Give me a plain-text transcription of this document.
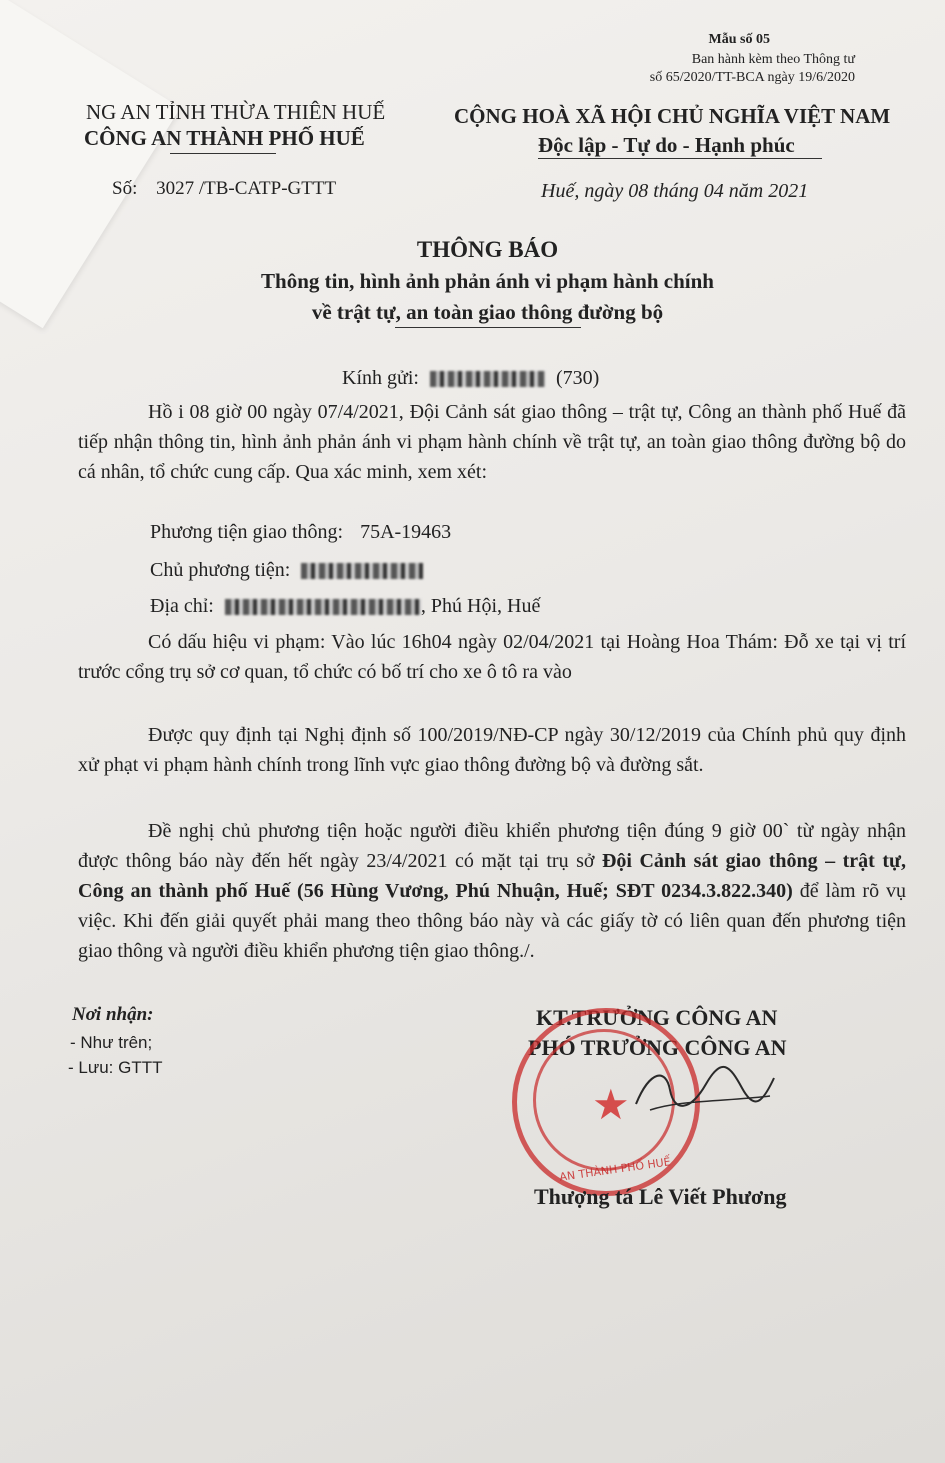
Mẫu số 05
Ban hành kèm theo Thông tư
số 65/2020/TT-BCA ngày 19/6/2020
NG AN TỈNH THỪA THIÊN HUẾ
CÔNG AN THÀNH PHỐ HUẾ
Số: 3027 /TB-CATP-GTTT
CỘNG HOÀ XÃ HỘI CHỦ NGHĨA VIỆT NAM
Độc lập - Tự do - Hạnh phúc
Huế, ngày 08 tháng 04 năm 2021
THÔNG BÁO
Thông tin, hình ảnh phản ánh vi phạm hành chính
về trật tự, an toàn giao thông đường bộ
Kính gửi:	(730)

Hồ i 08 giờ 00 ngày 07/4/2021, Đội Cảnh sát giao thông – trật tự, Công an thành phố Huế đã tiếp nhận thông tin, hình ảnh phản ánh vi phạm hành chính về trật tự, an toàn giao thông đường bộ do cá nhân, tổ chức cung cấp. Qua xác minh, xem xét:

Phương tiện giao thông: 75A-19463
Chủ phương tiện:
Địa chỉ:	, Phú Hội, Huế

Có dấu hiệu vi phạm: Vào lúc 16h04 ngày 02/04/2021 tại Hoàng Hoa Thám: Đỗ xe tại vị trí trước cổng trụ sở cơ quan, tổ chức có bố trí cho xe ô tô ra vào

Được quy định tại Nghị định số 100/2019/NĐ-CP ngày 30/12/2019 của Chính phủ quy định xử phạt vi phạm hành chính trong lĩnh vực giao thông đường bộ và đường sắt.

Đề nghị chủ phương tiện hoặc người điều khiển phương tiện đúng 9 giờ 00` từ ngày nhận được thông báo này đến hết ngày 23/4/2021 có mặt tại trụ sở Đội Cảnh sát giao thông – trật tự, Công an thành phố Huế (56 Hùng Vương, Phú Nhuận, Huế; SĐT 0234.3.822.340) để làm rõ vụ việc. Khi đến giải quyết phải mang theo thông báo này và các giấy tờ có liên quan đến phương tiện giao thông và người điều khiển phương tiện giao thông./.

Nơi nhận:
- Như trên;
- Lưu: GTTT
KT.TRƯỞNG CÔNG AN
PHÓ TRƯỞNG CÔNG AN
★
AN THÀNH PHỐ HUẾ
Thượng tá Lê Viết Phương
